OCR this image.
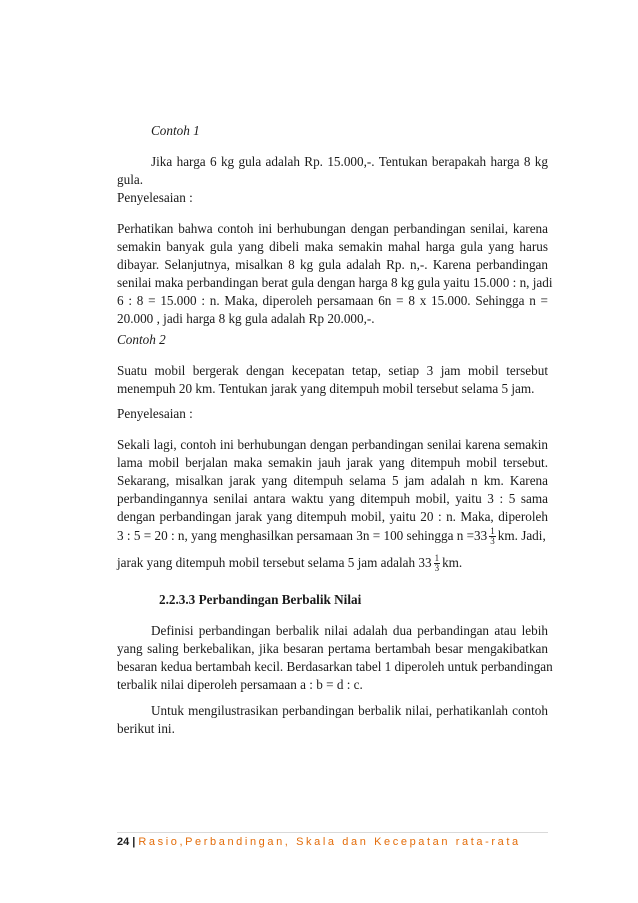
Contoh 1
Jika harga 6 kg gula adalah Rp. 15.000,-. Tentukan berapakah harga 8 kg
gula.
Penyelesaian :
Perhatikan bahwa contoh ini berhubungan dengan perbandingan senilai, karena
semakin banyak gula yang dibeli maka semakin mahal harga gula yang harus
dibayar. Selanjutnya, misalkan 8 kg gula adalah Rp. n,-. Karena perbandingan
senilai maka perbandingan berat gula dengan harga 8 kg gula yaitu 15.000 : n, jadi
6 : 8 = 15.000 : n. Maka, diperoleh persamaan 6n = 8 x 15.000. Sehingga n =
20.000 , jadi harga 8 kg gula adalah Rp 20.000,-.
Contoh 2
Suatu mobil bergerak dengan kecepatan tetap, setiap 3 jam mobil tersebut
menempuh 20 km. Tentukan jarak yang ditempuh mobil tersebut selama 5 jam.
Penyelesaian :
Sekali lagi, contoh ini berhubungan dengan perbandingan senilai karena semakin
lama mobil berjalan maka semakin jauh jarak yang ditempuh mobil tersebut.
Sekarang, misalkan jarak yang ditempuh selama 5 jam adalah n km. Karena
perbandingannya senilai antara waktu yang ditempuh mobil, yaitu 3 : 5 sama
dengan perbandingan jarak yang ditempuh mobil, yaitu 20 : n. Maka, diperoleh
3 : 5 = 20 : n, yang menghasilkan persamaan 3n = 100 sehingga $n =33 \frac{1}{3}$ km. Jadi,
jarak yang ditempuh mobil tersebut selama 5 jam adalah $33 \frac{1}{3}$ km.
2.2.3.3 Perbandingan Berbalik Nilai
Definisi perbandingan berbalik nilai adalah dua perbandingan atau lebih
yang saling berkebalikan, jika besaran pertama bertambah besar mengakibatkan
besaran kedua bertambah kecil. Berdasarkan tabel 1 diperoleh untuk perbandingan
terbalik nilai diperoleh persamaan a : b = d : c.
Untuk mengilustrasikan perbandingan berbalik nilai, perhatikanlah contoh
berikut ini.
24 | Rasio,Perbandingan, Skala dan Kecepatan rata-rata
